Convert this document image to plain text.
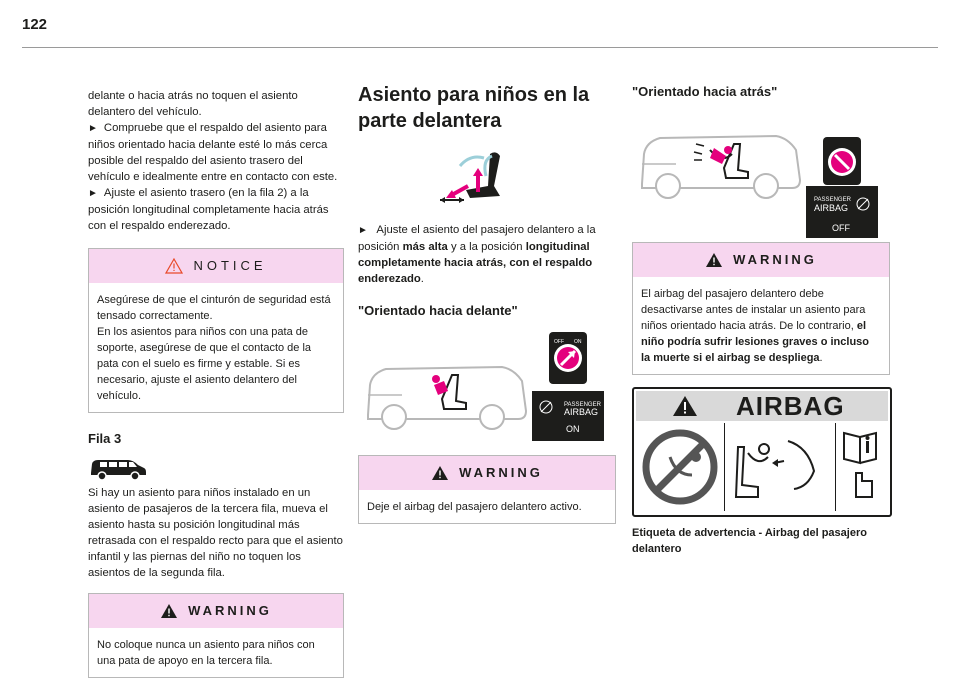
122

delante o hacia atrás no toquen el asiento delantero del vehículo.

► Compruebe que el respaldo del asiento para niños orientado hacia delante esté lo más cerca posible del respaldo del asiento trasero del vehículo e idealmente entre en contacto con este.

► Ajuste el asiento trasero (en la fila 2) a la posición longitudinal completamente hacia atrás con el respaldo enderezado.

NOTICE

Asegúrese de que el cinturón de seguridad está tensado correctamente.

En los asientos para niños con una pata de soporte, asegúrese de que el contacto de la pata con el suelo es firme y estable. Si es necesario, ajuste el asiento delantero del vehículo.

Fila 3

Si hay un asiento para niños instalado en un asiento de pasajeros de la tercera fila, mueva el asiento hasta su posición longitudinal más retrasada con el respaldo recto para que el asiento infantil y las piernas del niño no toquen los asientos de la segunda fila.

WARNING
No coloque nunca un asiento para niños con una pata de apoyo en la tercera fila.

Asiento para niños en la parte delantera

► Ajuste el asiento del pasajero delantero a la posición más alta y a la posición longitudinal completamente hacia atrás, con el respaldo enderezado.

"Orientado hacia delante"
OFF ON
PASSENGER
AIRBAG
ON
WARNING
Deje el airbag del pasajero delantero activo.
"Orientado hacia atrás"
PASSENGER
AIRBAG
OFF
WARNING
El airbag del pasajero delantero debe desactivarse antes de instalar un asiento para niños orientado hacia atrás. De lo contrario, el niño podría sufrir lesiones graves o incluso la muerte si el airbag se despliega.
AIRBAG
Etiqueta de advertencia - Airbag del pasajero delantero
